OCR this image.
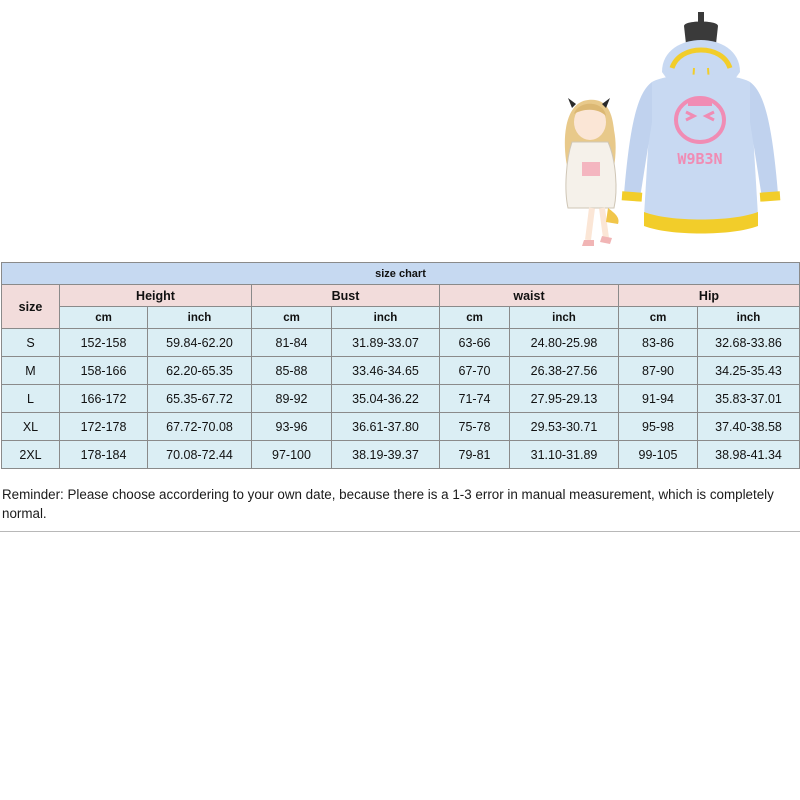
W9B3N
size chart								
size	Height		Bust		waist		Hip	
	cm	inch	cm	inch	cm	inch	cm	inch
S	152-158	59.84-62.20	81-84	31.89-33.07	63-66	24.80-25.98	83-86	32.68-33.86
M	158-166	62.20-65.35	85-88	33.46-34.65	67-70	26.38-27.56	87-90	34.25-35.43
L	166-172	65.35-67.72	89-92	35.04-36.22	71-74	27.95-29.13	91-94	35.83-37.01
XL	172-178	67.72-70.08	93-96	36.61-37.80	75-78	29.53-30.71	95-98	37.40-38.58
2XL	178-184	70.08-72.44	97-100	38.19-39.37	79-81	31.10-31.89	99-105	38.98-41.34
Reminder: Please choose accordering to your own date, because there is a 1-3 error in manual measurement, which is completely normal.
